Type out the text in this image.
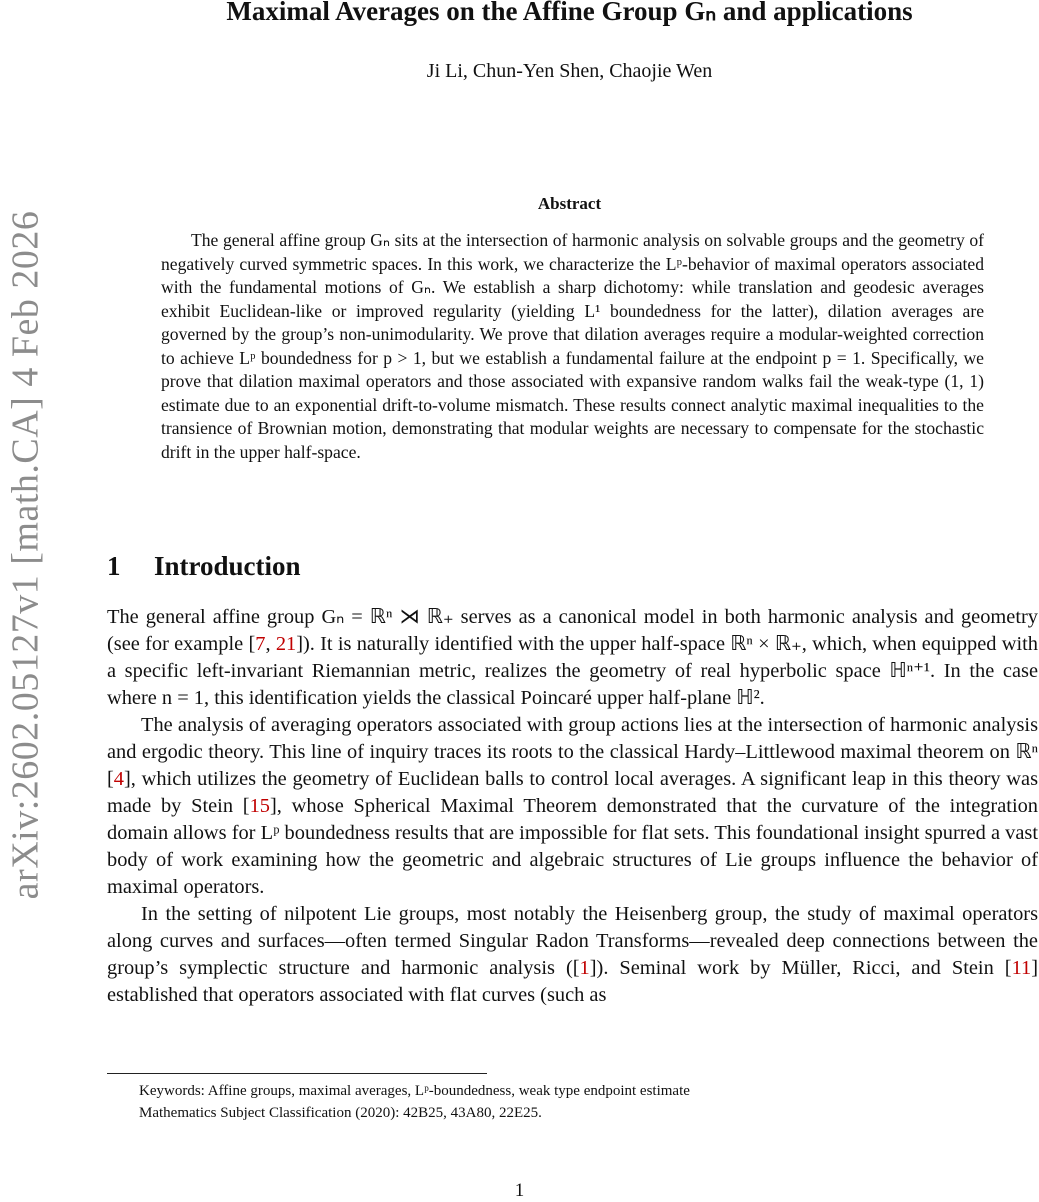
arXiv:2602.05127v1 [math.CA] 4 Feb 2026
Maximal Averages on the Affine Group Gₙ and applications
Ji Li, Chun-Yen Shen, Chaojie Wen
Abstract

The general affine group Gₙ sits at the intersection of harmonic analysis on solvable groups and the geometry of negatively curved symmetric spaces. In this work, we characterize the Lᵖ-behavior of maximal operators associated with the fundamental motions of Gₙ. We establish a sharp dichotomy: while translation and geodesic averages exhibit Euclidean-like or improved regularity (yielding L¹ boundedness for the latter), dilation averages are governed by the group’s non-unimodularity. We prove that dilation averages require a modular-weighted correction to achieve Lᵖ boundedness for p > 1, but we establish a fundamental failure at the endpoint p = 1. Specifically, we prove that dilation maximal operators and those associated with expansive random walks fail the weak-type (1, 1) estimate due to an exponential drift-to-volume mismatch. These results connect analytic maximal inequalities to the transience of Brownian motion, demonstrating that modular weights are necessary to compensate for the stochastic drift in the upper half-space.

1 Introduction

The general affine group Gₙ = ℝⁿ ⋊ ℝ₊ serves as a canonical model in both harmonic analysis and geometry (see for example [7, 21]). It is naturally identified with the upper half-space ℝⁿ × ℝ₊, which, when equipped with a specific left-invariant Riemannian metric, realizes the geometry of real hyperbolic space ℍⁿ⁺¹. In the case where n = 1, this identification yields the classical Poincaré upper half-plane ℍ².

The analysis of averaging operators associated with group actions lies at the intersection of harmonic analysis and ergodic theory. This line of inquiry traces its roots to the classical Hardy–Littlewood maximal theorem on ℝⁿ [4], which utilizes the geometry of Euclidean balls to control local averages. A significant leap in this theory was made by Stein [15], whose Spherical Maximal Theorem demonstrated that the curvature of the integration domain allows for Lᵖ boundedness results that are impossible for flat sets. This foundational insight spurred a vast body of work examining how the geometric and algebraic structures of Lie groups influence the behavior of maximal operators.

In the setting of nilpotent Lie groups, most notably the Heisenberg group, the study of maximal operators along curves and surfaces—often termed Singular Radon Transforms—revealed deep connections between the group’s symplectic structure and harmonic analysis ([1]). Seminal work by Müller, Ricci, and Stein [11] established that operators associated with flat curves (such as

Keywords: Affine groups, maximal averages, Lᵖ-boundedness, weak type endpoint estimate
Mathematics Subject Classification (2020): 42B25, 43A80, 22E25.
1
